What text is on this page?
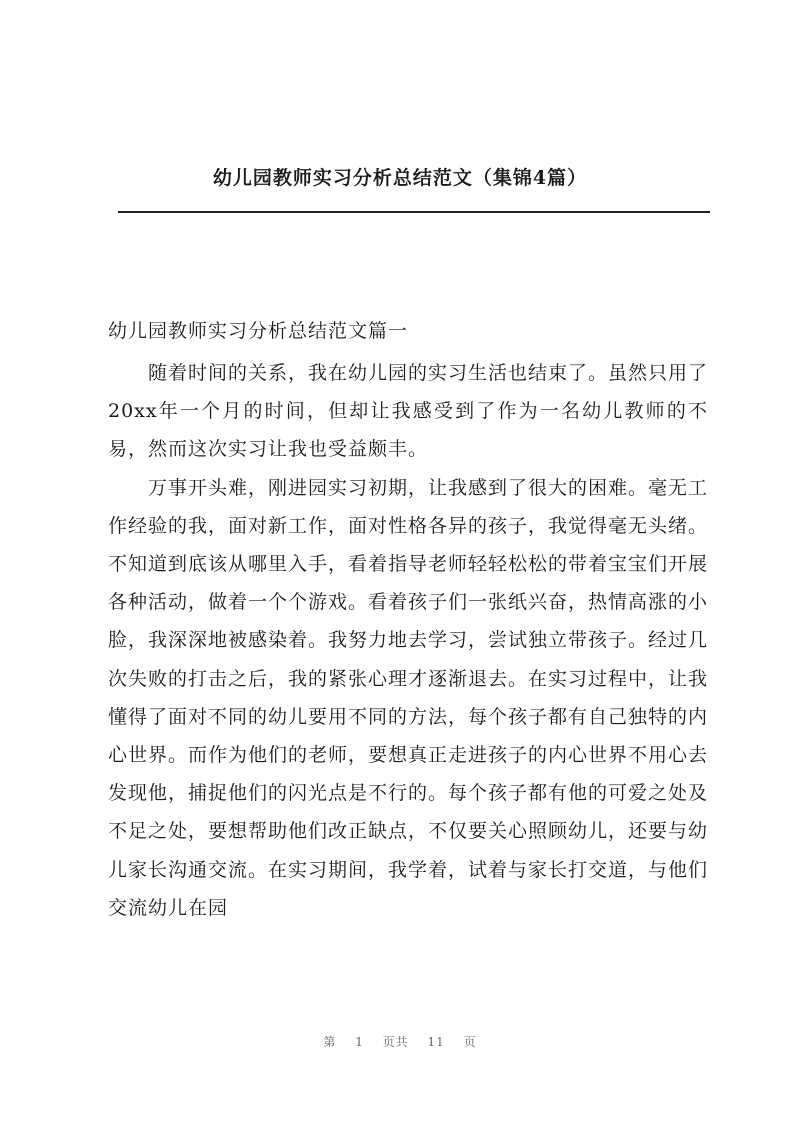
幼儿园教师实习分析总结范文（集锦4篇）
幼儿园教师实习分析总结范文篇一

随着时间的关系，我在幼儿园的实习生活也结束了。虽然只用了20xx年一个月的时间，但却让我感受到了作为一名幼儿教师的不易，然而这次实习让我也受益颇丰。

万事开头难，刚进园实习初期，让我感到了很大的困难。毫无工作经验的我，面对新工作，面对性格各异的孩子，我觉得毫无头绪。不知道到底该从哪里入手，看着指导老师轻轻松松的带着宝宝们开展各种活动，做着一个个游戏。看着孩子们一张纸兴奋，热情高涨的小脸，我深深地被感染着。我努力地去学习，尝试独立带孩子。经过几次失败的打击之后，我的紧张心理才逐渐退去。在实习过程中，让我懂得了面对不同的幼儿要用不同的方法，每个孩子都有自己独特的内心世界。而作为他们的老师，要想真正走进孩子的内心世界不用心去发现他，捕捉他们的闪光点是不行的。每个孩子都有他的可爱之处及不足之处，要想帮助他们改正缺点，不仅要关心照顾幼儿，还要与幼儿家长沟通交流。在实习期间，我学着，试着与家长打交道，与他们交流幼儿在园

第 1 页共 11 页
